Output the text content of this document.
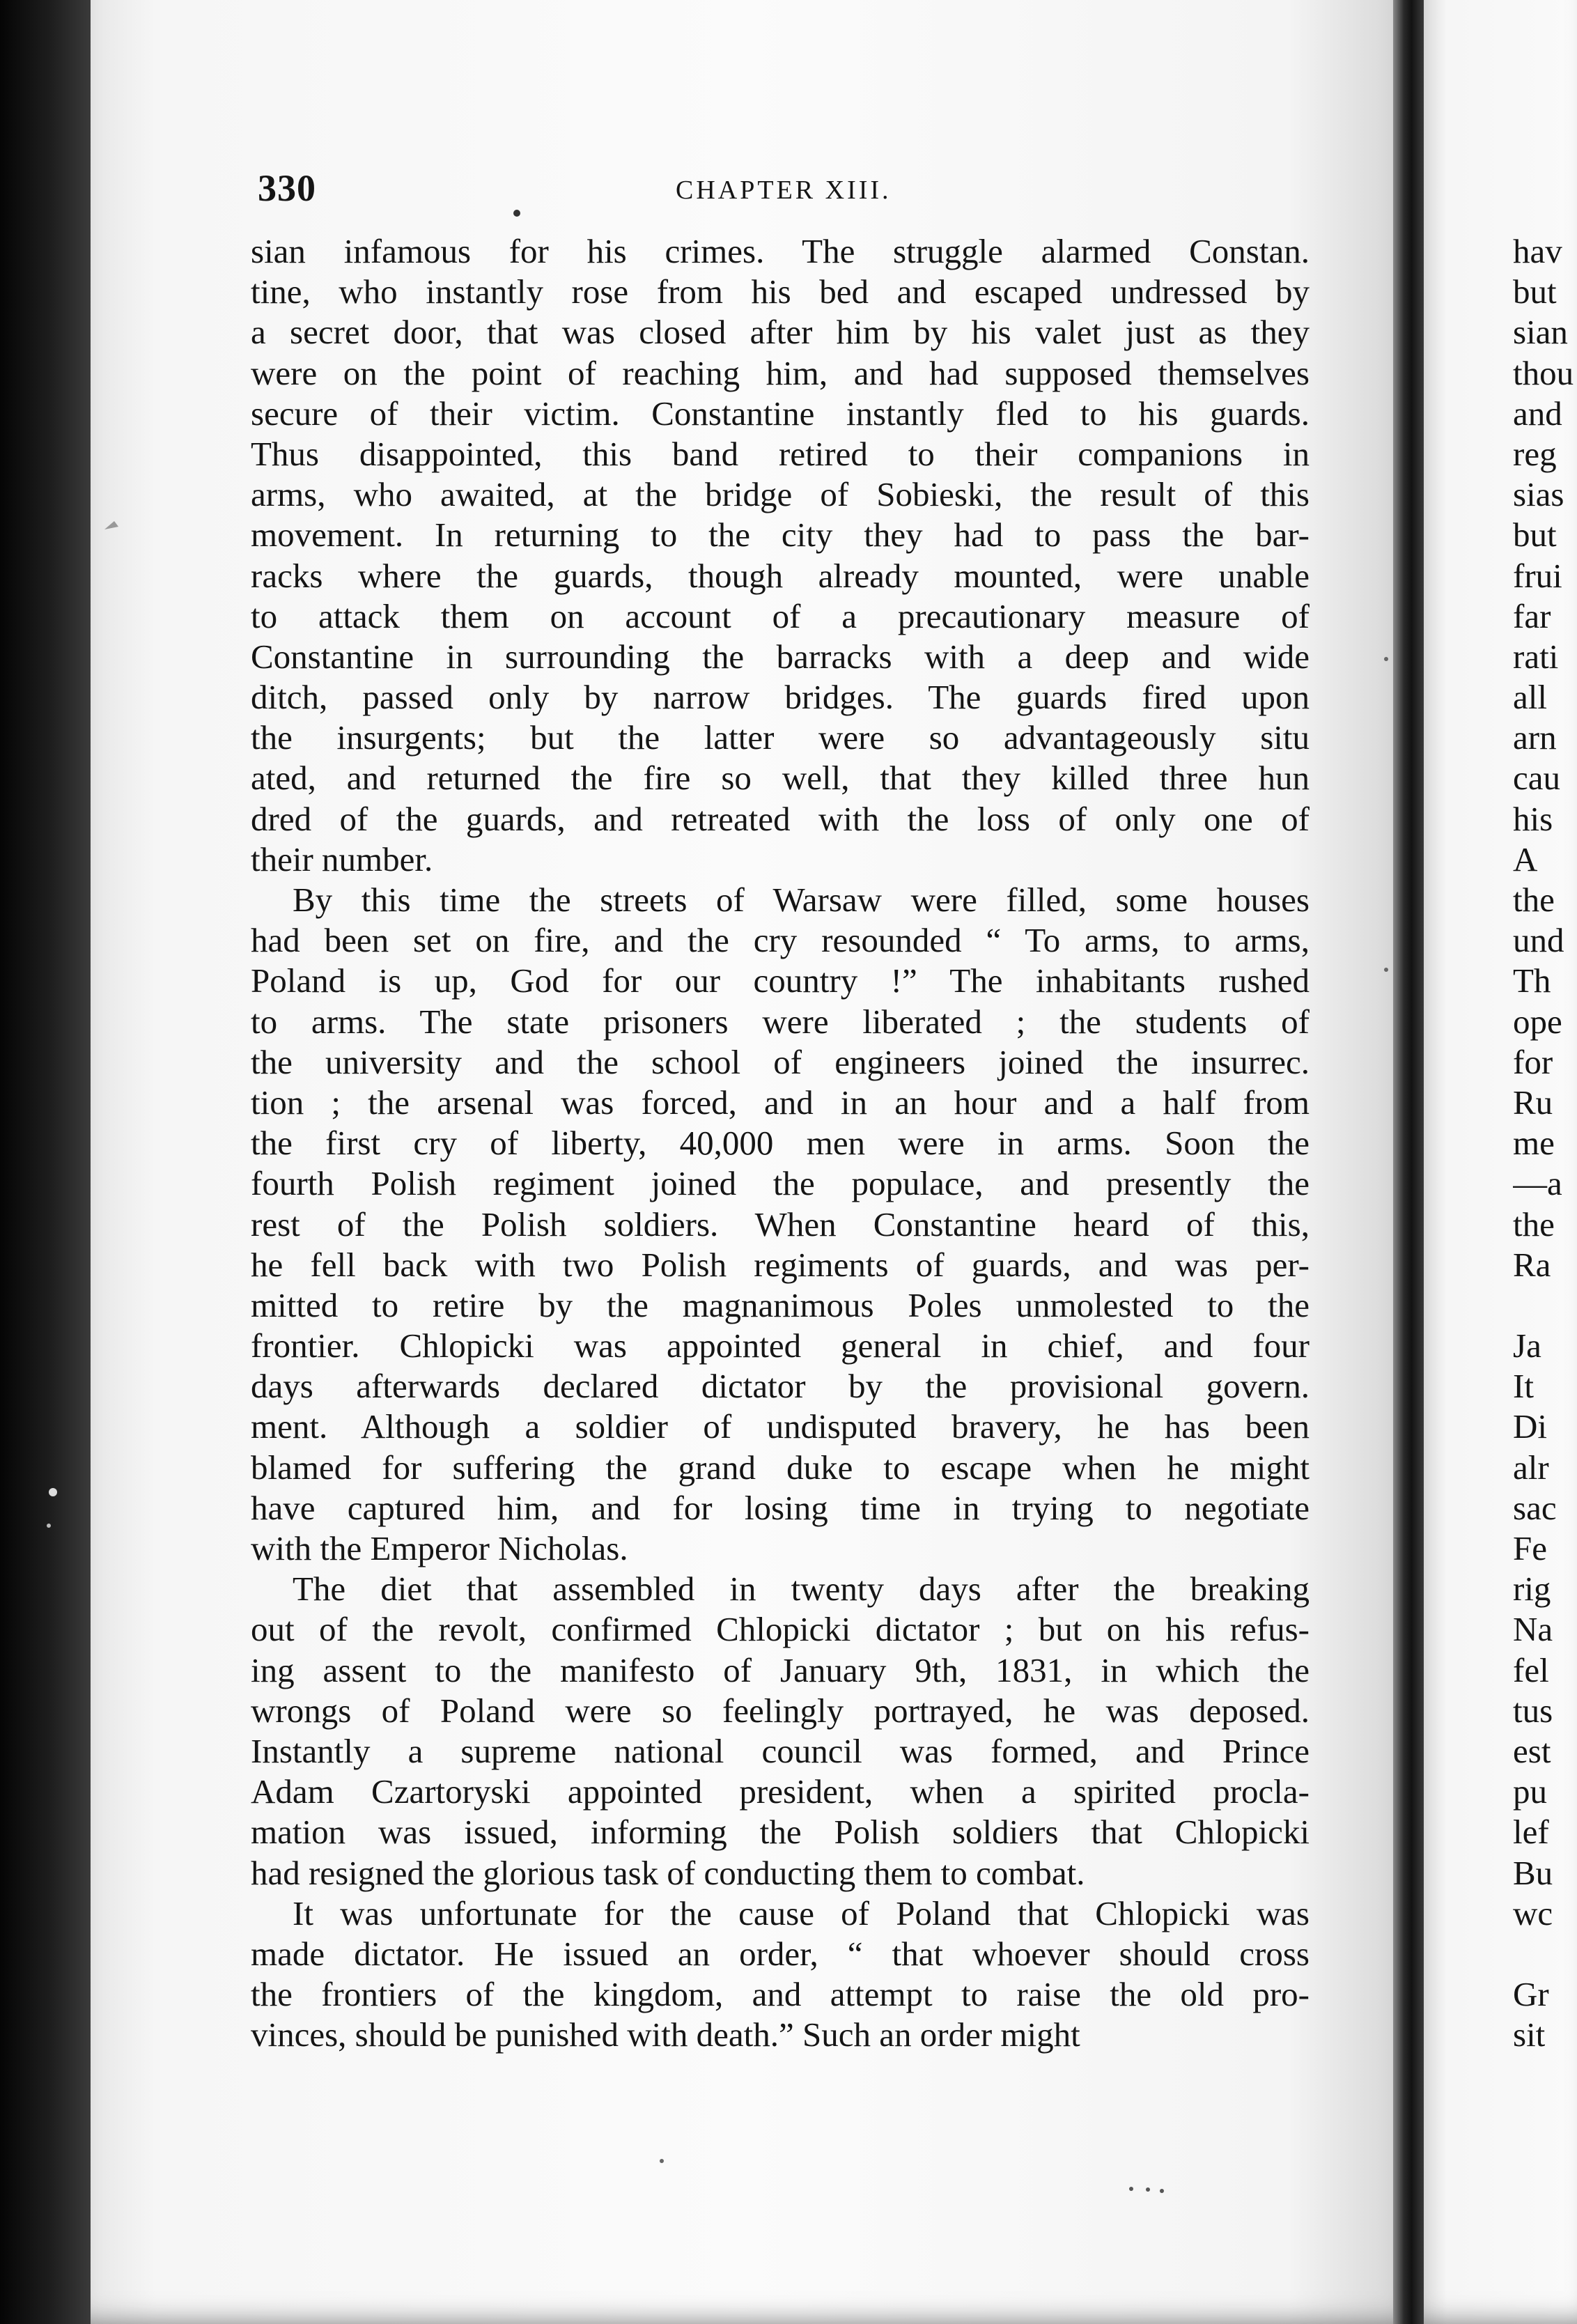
330	CHAPTER XIII.
sian infamous for his crimes. The struggle alarmed Constan.
tine, who instantly rose from his bed and escaped undressed by
a secret door, that was closed after him by his valet just as they
were on the point of reaching him, and had supposed themselves
secure of their victim. Constantine instantly fled to his guards.
Thus disappointed, this band retired to their companions in
arms, who awaited, at the bridge of Sobieski, the result of this
movement. In returning to the city they had to pass the bar-
racks where the guards, though already mounted, were unable
to attack them on account of a precautionary measure of
Constantine in surrounding the barracks with a deep and wide
ditch, passed only by narrow bridges. The guards fired upon
the insurgents; but the latter were so advantageously situ
ated, and returned the fire so well, that they killed three hun
dred of the guards, and retreated with the loss of only one of
their number.
By this time the streets of Warsaw were filled, some houses
had been set on fire, and the cry resounded “ To arms, to arms,
Poland is up, God for our country !” The inhabitants rushed
to arms. The state prisoners were liberated ; the students of
the university and the school of engineers joined the insurrec.
tion ; the arsenal was forced, and in an hour and a half from
the first cry of liberty, 40,000 men were in arms. Soon the
fourth Polish regiment joined the populace, and presently the
rest of the Polish soldiers. When Constantine heard of this,
he fell back with two Polish regiments of guards, and was per-
mitted to retire by the magnanimous Poles unmolested to the
frontier. Chlopicki was appointed general in chief, and four
days afterwards declared dictator by the provisional govern.
ment. Although a soldier of undisputed bravery, he has been
blamed for suffering the grand duke to escape when he might
have captured him, and for losing time in trying to negotiate
with the Emperor Nicholas.
The diet that assembled in twenty days after the breaking
out of the revolt, confirmed Chlopicki dictator ; but on his refus-
ing assent to the manifesto of January 9th, 1831, in which the
wrongs of Poland were so feelingly portrayed, he was deposed.
Instantly a supreme national council was formed, and Prince
Adam Czartoryski appointed president, when a spirited procla-
mation was issued, informing the Polish soldiers that Chlopicki
had resigned the glorious task of conducting them to combat.
It was unfortunate for the cause of Poland that Chlopicki was
made dictator. He issued an order, “ that whoever should cross
the frontiers of the kingdom, and attempt to raise the old pro-
vinces, should be punished with death.” Such an order might
hav
but
sian
thou
and
reg
sias
but
frui
far
rati
all
arn
cau
his
A
the
und
Th
ope
for
Ru
me
—a
the
Ra
Ja
It
Di
alr
sac
Fe
rig
Na
fel
tus
est
pu
lef
Bu
wc
Gr
sit
